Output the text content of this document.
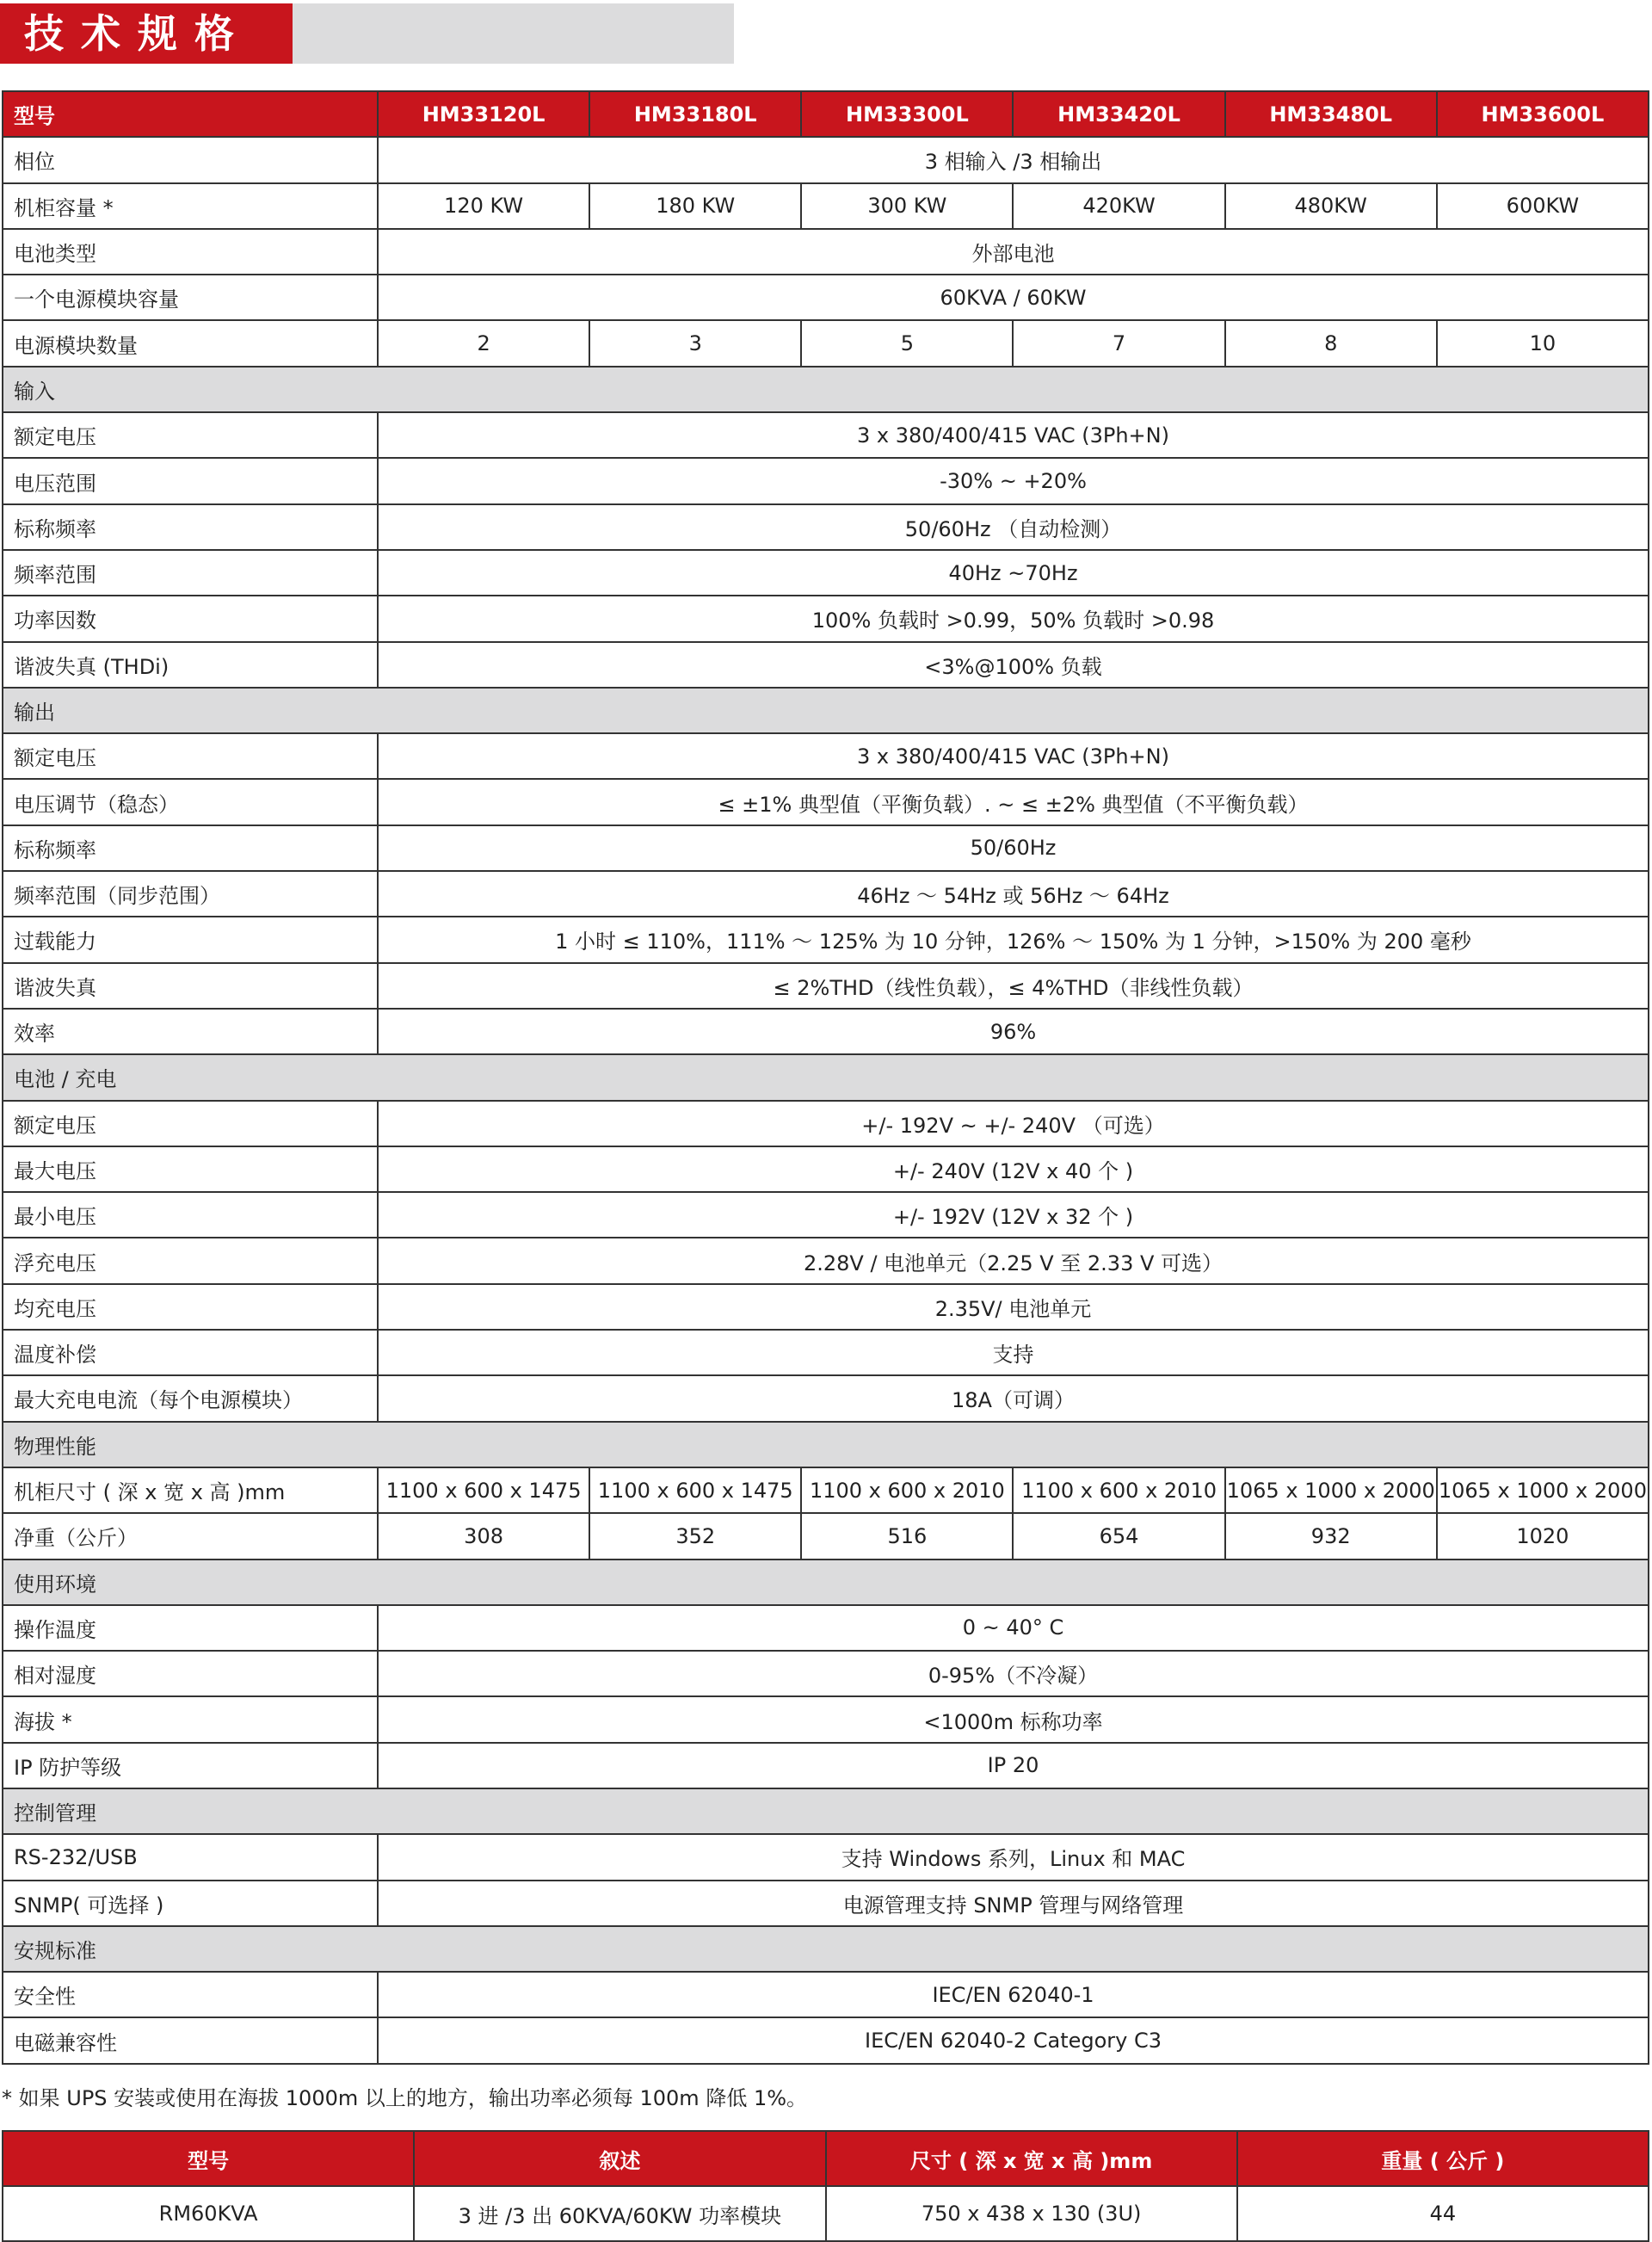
技术规格
型号	HM33120L	HM33180L	HM33300L	HM33420L	HM33480L	HM33600L
相位	3 相输入 /3 相输出					
机柜容量 *	120 KW	180 KW	300 KW	420KW	480KW	600KW
电池类型	外部电池					
一个电源模块容量	60KVA / 60KW					
电源模块数量	2	3	5	7	8	10
输入						
额定电压	3 x 380/400/415 VAC (3Ph+N)					
电压范围	-30% ~ +20%					
标称频率	50/60Hz （自动检测）					
频率范围	40Hz ~70Hz					
功率因数	100% 负载时 >0.99，50% 负载时 >0.98					
谐波失真 (THDi)	<3%@100% 负载					
输出						
额定电压	3 x 380/400/415 VAC (3Ph+N)					
电压调节（稳态）	≤ ±1% 典型值（平衡负载）. ~ ≤ ±2% 典型值（不平衡负载）					
标称频率	50/60Hz					
频率范围（同步范围）	46Hz 〜 54Hz 或 56Hz 〜 64Hz					
过载能力	1 小时 ≤ 110%，111% 〜 125% 为 10 分钟，126% 〜 150% 为 1 分钟，>150% 为 200 毫秒					
谐波失真	≤ 2%THD（线性负载），≤ 4%THD（非线性负载）					
效率	96%					
电池 / 充电						
额定电压	+/- 192V ~ +/- 240V （可选）					
最大电压	+/- 240V (12V x 40 个 )					
最小电压	+/- 192V (12V x 32 个 )					
浮充电压	2.28V / 电池单元（2.25 V 至 2.33 V 可选）					
均充电压	2.35V/ 电池单元					
温度补偿	支持					
最大充电电流（每个电源模块）	18A（可调）					
物理性能						
机柜尺寸 ( 深 x 宽 x 高 )mm	1100 x 600 x 1475	1100 x 600 x 1475	1100 x 600 x 2010	1100 x 600 x 2010	1065 x 1000 x 2000	1065 x 1000 x 2000
净重（公斤）	308	352	516	654	932	1020
使用环境						
操作温度	0 ~ 40° C					
相对湿度	0-95%（不冷凝）					
海拔 *	<1000m 标称功率					
IP 防护等级	IP 20					
控制管理						
RS-232/USB	支持 Windows 系列，Linux 和 MAC					
SNMP( 可选择 )	电源管理支持 SNMP 管理与网络管理					
安规标准						
安全性	IEC/EN 62040-1					
电磁兼容性	IEC/EN 62040-2 Category C3					
* 如果 UPS 安装或使用在海拔 1000m 以上的地方，输出功率必须每 100m 降低 1%。
型号	叙述	尺寸 ( 深 x 宽 x 高 )mm	重量 ( 公斤 )
RM60KVA	3 进 /3 出 60KVA/60KW 功率模块	750 x 438 x 130 (3U)	44
